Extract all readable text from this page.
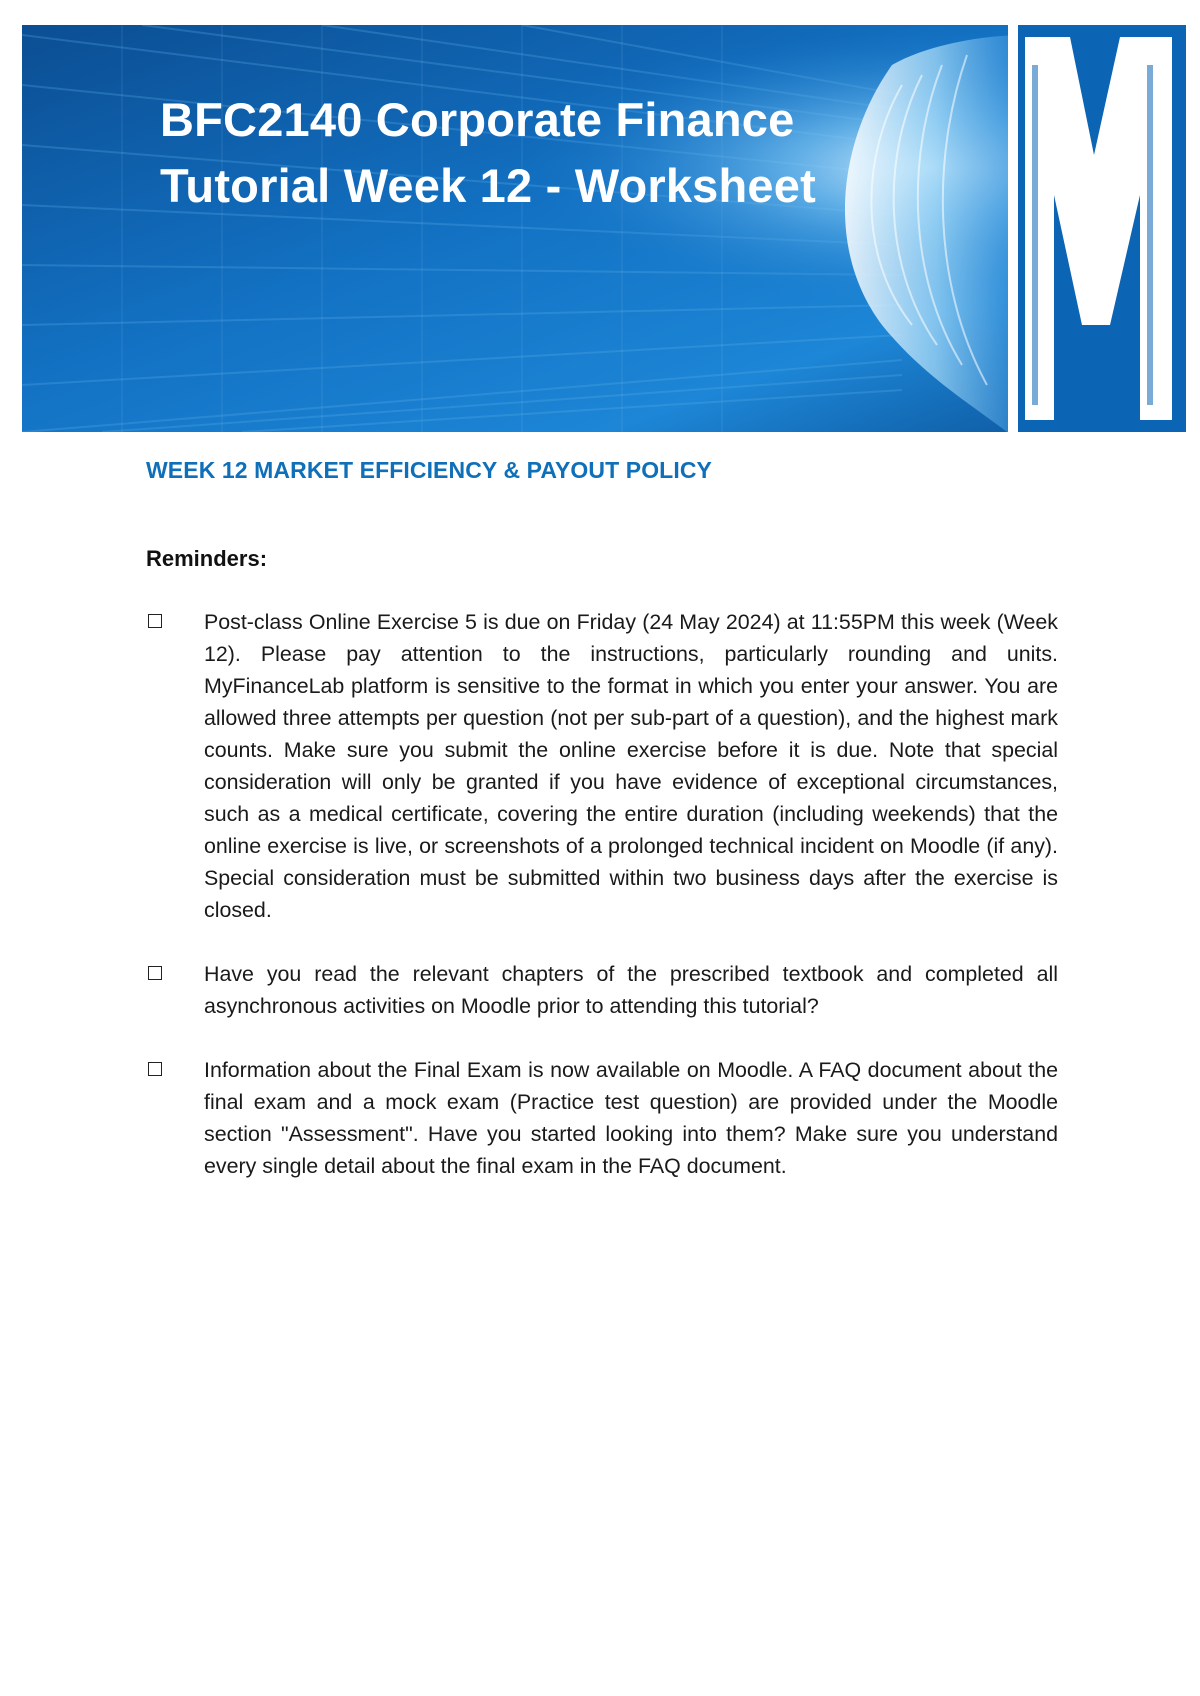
BFC2140 Corporate Finance
Tutorial Week 12 - Worksheet
WEEK 12 MARKET EFFICIENCY & PAYOUT POLICY

Reminders:

Post-class Online Exercise 5 is due on Friday (24 May 2024) at 11:55PM this week (Week 12). Please pay attention to the instructions, particularly rounding and units. MyFinanceLab platform is sensitive to the format in which you enter your answer. You are allowed three attempts per question (not per sub-part of a question), and the highest mark counts. Make sure you submit the online exercise before it is due. Note that special consideration will only be granted if you have evidence of exceptional circumstances, such as a medical certificate, covering the entire duration (including weekends) that the online exercise is live, or screenshots of a prolonged technical incident on Moodle (if any). Special consideration must be submitted within two business days after the exercise is closed.
Have you read the relevant chapters of the prescribed textbook and completed all asynchronous activities on Moodle prior to attending this tutorial?
Information about the Final Exam is now available on Moodle. A FAQ document about the final exam and a mock exam (Practice test question) are provided under the Moodle section "Assessment". Have you started looking into them? Make sure you understand every single detail about the final exam in the FAQ document.
